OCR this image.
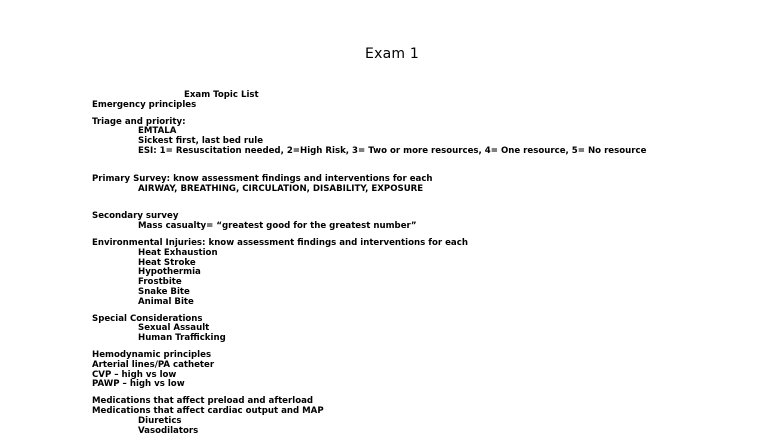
Exam 1
Exam Topic List
Emergency principles
Triage and priority:
EMTALA
Sickest first, last bed rule
ESI: 1= Resuscitation needed, 2=High Risk, 3= Two or more resources, 4= One resource, 5= No resource
Primary Survey: know assessment findings and interventions for each
AIRWAY, BREATHING, CIRCULATION, DISABILITY, EXPOSURE
Secondary survey
Mass casualty= “greatest good for the greatest number”
Environmental Injuries: know assessment findings and interventions for each
Heat Exhaustion
Heat Stroke
Hypothermia
Frostbite
Snake Bite
Animal Bite
Special Considerations
Sexual Assault
Human Trafficking
Hemodynamic principles
Arterial lines/PA catheter
CVP – high vs low
PAWP – high vs low
Medications that affect preload and afterload
Medications that affect cardiac output and MAP
Diuretics
Vasodilators
